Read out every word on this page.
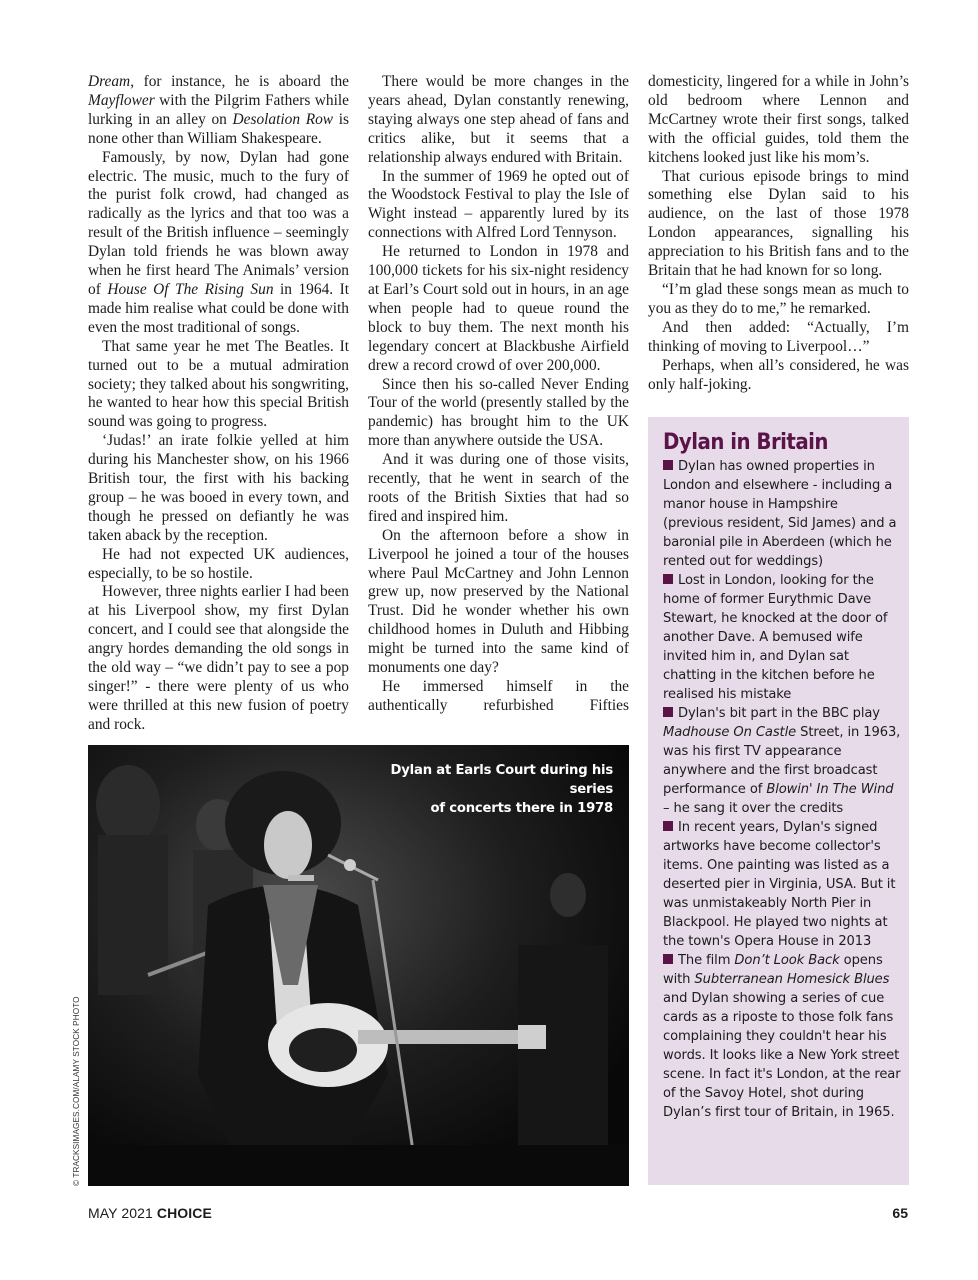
Dream, for instance, he is aboard the Mayflower with the Pilgrim Fathers while lurking in an alley on Desolation Row is none other than William Shakespeare.

Famously, by now, Dylan had gone electric. The music, much to the fury of the purist folk crowd, had changed as radically as the lyrics and that too was a result of the British influence – seemingly Dylan told friends he was blown away when he first heard The Animals’ version of House Of The Rising Sun in 1964. It made him realise what could be done with even the most traditional of songs.

That same year he met The Beatles. It turned out to be a mutual admiration society; they talked about his songwriting, he wanted to hear how this special British sound was going to progress.

‘Judas!’ an irate folkie yelled at him during his Manchester show, on his 1966 British tour, the first with his backing group – he was booed in every town, and though he pressed on defiantly he was taken aback by the reception.

He had not expected UK audiences, especially, to be so hostile.

However, three nights earlier I had been at his Liverpool show, my first Dylan concert, and I could see that alongside the angry hordes demanding the old songs in the old way – “we didn’t pay to see a pop singer!” - there were plenty of us who were thrilled at this new fusion of poetry and rock.

There would be more changes in the years ahead, Dylan constantly renewing, staying always one step ahead of fans and critics alike, but it seems that a relationship always endured with Britain.

In the summer of 1969 he opted out of the Woodstock Festival to play the Isle of Wight instead – apparently lured by its connections with Alfred Lord Tennyson.

He returned to London in 1978 and 100,000 tickets for his six-night residency at Earl’s Court sold out in hours, in an age when people had to queue round the block to buy them. The next month his legendary concert at Blackbushe Airfield drew a record crowd of over 200,000.

Since then his so-called Never Ending Tour of the world (presently stalled by the pandemic) has brought him to the UK more than anywhere outside the USA.

And it was during one of those visits, recently, that he went in search of the roots of the British Sixties that had so fired and inspired him.

On the afternoon before a show in Liverpool he joined a tour of the houses where Paul McCartney and John Lennon grew up, now preserved by the National Trust. Did he wonder whether his own childhood homes in Duluth and Hibbing might be turned into the same kind of monuments one day?

He immersed himself in the authentically refurbished Fifties

domesticity, lingered for a while in John’s old bedroom where Lennon and McCartney wrote their first songs, talked with the official guides, told them the kitchens looked just like his mom’s.

That curious episode brings to mind something else Dylan said to his audience, on the last of those 1978 London appearances, signalling his appreciation to his British fans and to the Britain that he had known for so long.

“I’m glad these songs mean as much to you as they do to me,” he remarked.

And then added: “Actually, I’m thinking of moving to Liverpool…”

Perhaps, when all’s considered, he was only half-joking.

Dylan at Earls Court during his series
of concerts there in 1978
© TRACKSIMAGES.COM/ALAMY STOCK PHOTO
Dylan in Britain
Dylan has owned properties in London and elsewhere - including a manor house in Hampshire (previous resident, Sid James) and a baronial pile in Aberdeen (which he rented out for weddings)
Lost in London, looking for the home of former Eurythmic Dave Stewart, he knocked at the door of another Dave. A bemused wife invited him in, and Dylan sat chatting in the kitchen before he realised his mistake
Dylan's bit part in the BBC play Madhouse On Castle Street, in 1963, was his first TV appearance anywhere and the first broadcast performance of Blowin' In The Wind – he sang it over the credits
In recent years, Dylan's signed artworks have become collector's items. One painting was listed as a deserted pier in Virginia, USA. But it was unmistakeably North Pier in Blackpool. He played two nights at the town's Opera House in 2013
The film Don’t Look Back opens with Subterranean Homesick Blues and Dylan showing a series of cue cards as a riposte to those folk fans complaining they couldn't hear his words. It looks like a New York street scene. In fact it's London, at the rear of the Savoy Hotel, shot during Dylan’s first tour of Britain, in 1965.
MAY 2021 CHOICE	65
